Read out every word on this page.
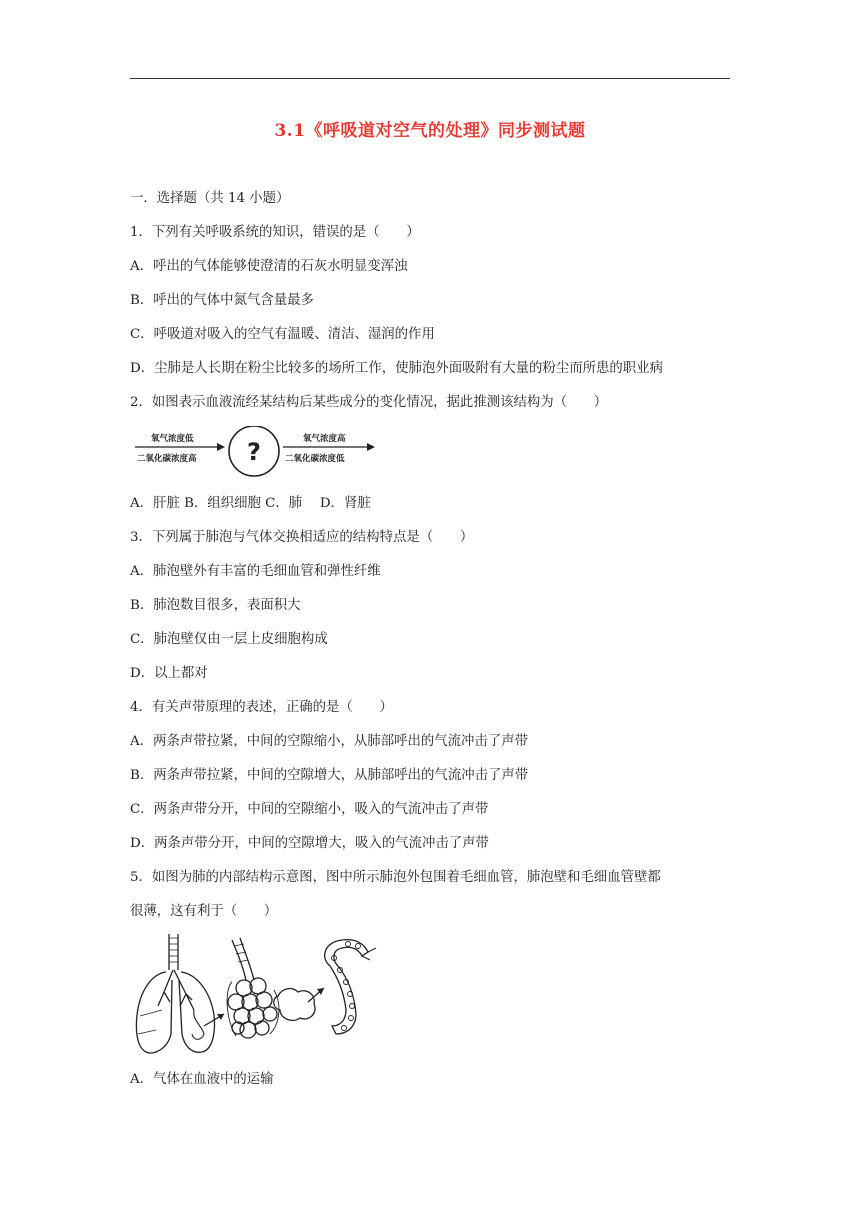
3.1《呼吸道对空气的处理》同步测试题
一．选择题（共 14 小题）
1．下列有关呼吸系统的知识，错误的是（　　）
A．呼出的气体能够使澄清的石灰水明显变浑浊
B．呼出的气体中氮气含量最多
C．呼吸道对吸入的空气有温暖、清洁、湿润的作用
D．尘肺是人长期在粉尘比较多的场所工作，使肺泡外面吸附有大量的粉尘而所患的职业病
2．如图表示血液流经某结构后某些成分的变化情况，据此推测该结构为（　　）
氧气浓度低
二氧化碳浓度高 ?	氧气浓度高
二氧化碳浓度低
A．肝脏 B．组织细胞 C．肺　 D．肾脏
3．下列属于肺泡与气体交换相适应的结构特点是（　　）
A．肺泡壁外有丰富的毛细血管和弹性纤维
B．肺泡数目很多，表面积大
C．肺泡壁仅由一层上皮细胞构成
D．以上都对
4．有关声带原理的表述，正确的是（　　）
A．两条声带拉紧，中间的空隙缩小，从肺部呼出的气流冲击了声带
B．两条声带拉紧，中间的空隙增大，从肺部呼出的气流冲击了声带
C．两条声带分开，中间的空隙缩小，吸入的气流冲击了声带
D．两条声带分开，中间的空隙增大，吸入的气流冲击了声带
5．如图为肺的内部结构示意图，图中所示肺泡外包围着毛细血管，肺泡壁和毛细血管壁都
很薄，这有利于（　　）
A．气体在血液中的运输
